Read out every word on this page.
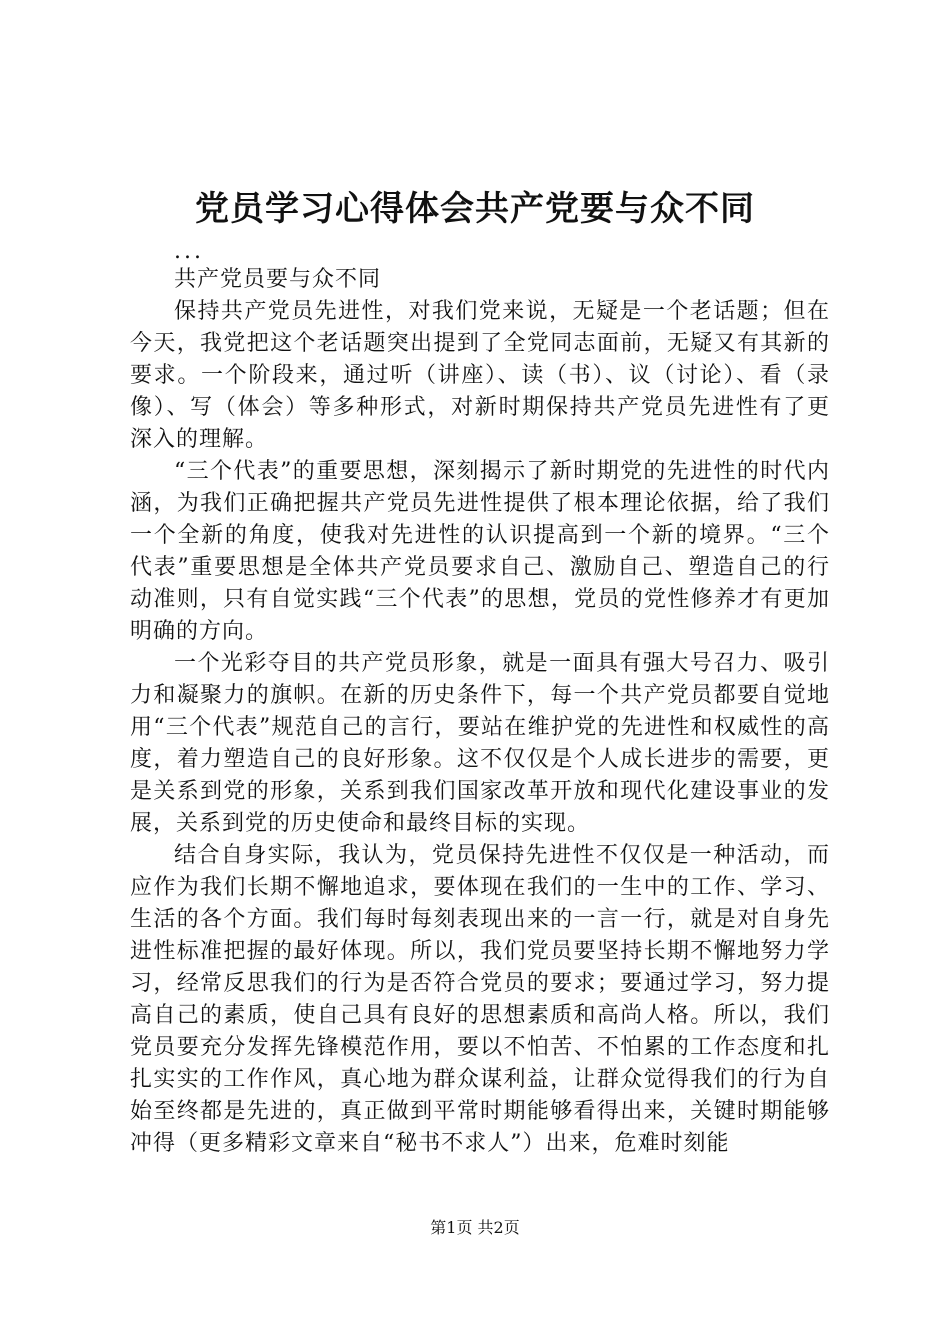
党员学习心得体会共产党要与众不同

...

共产党员要与众不同

保持共产党员先进性，对我们党来说，无疑是一个老话题；但在今天，我党把这个老话题突出提到了全党同志面前，无疑又有其新的要求。一个阶段来，通过听（讲座）、读（书）、议（讨论）、看（录像）、写（体会）等多种形式，对新时期保持共产党员先进性有了更深入的理解。

“三个代表”的重要思想，深刻揭示了新时期党的先进性的时代内涵，为我们正确把握共产党员先进性提供了根本理论依据，给了我们一个全新的角度，使我对先进性的认识提高到一个新的境界。“三个代表”重要思想是全体共产党员要求自己、激励自己、塑造自己的行动准则，只有自觉实践“三个代表”的思想，党员的党性修养才有更加明确的方向。

一个光彩夺目的共产党员形象，就是一面具有强大号召力、吸引力和凝聚力的旗帜。在新的历史条件下，每一个共产党员都要自觉地用“三个代表”规范自己的言行，要站在维护党的先进性和权威性的高度，着力塑造自己的良好形象。这不仅仅是个人成长进步的需要，更是关系到党的形象，关系到我们国家改革开放和现代化建设事业的发展，关系到党的历史使命和最终目标的实现。

结合自身实际，我认为，党员保持先进性不仅仅是一种活动，而应作为我们长期不懈地追求，要体现在我们的一生中的工作、学习、生活的各个方面。我们每时每刻表现出来的一言一行，就是对自身先进性标准把握的最好体现。所以，我们党员要坚持长期不懈地努力学习，经常反思我们的行为是否符合党员的要求；要通过学习，努力提高自己的素质，使自己具有良好的思想素质和高尚人格。所以，我们党员要充分发挥先锋模范作用，要以不怕苦、不怕累的工作态度和扎扎实实的工作作风，真心地为群众谋利益，让群众觉得我们的行为自始至终都是先进的，真正做到平常时期能够看得出来，关键时期能够冲得（更多精彩文章来自“秘书不求人”）出来，危难时刻能

第1页 共2页
